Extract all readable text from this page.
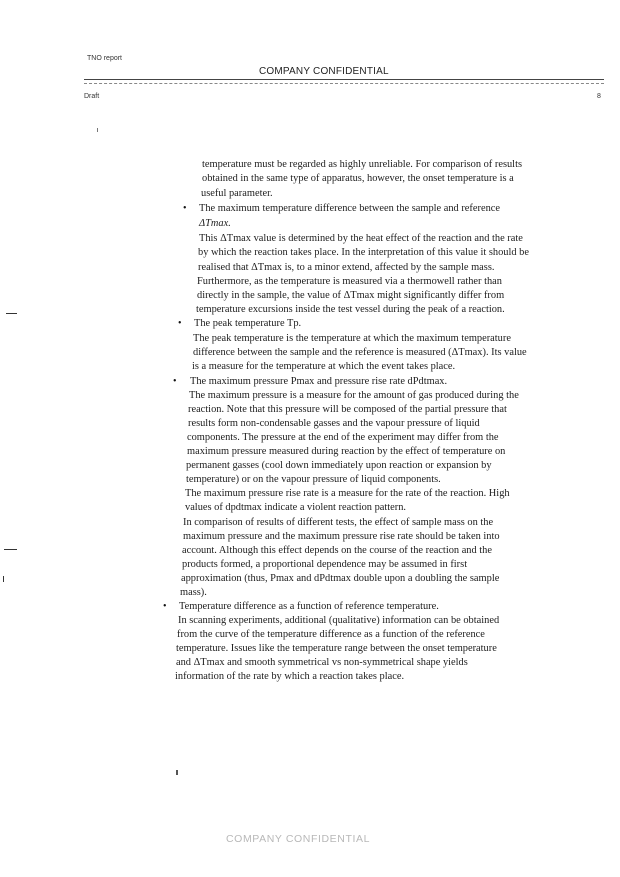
TNO report
COMPANY CONFIDENTIAL
Draft	8
temperature must be regarded as highly unreliable. For comparison of results
obtained in the same type of apparatus, however, the onset temperature is a
useful parameter.
• The maximum temperature difference between the sample and reference
ΔTmax.
This ΔTmax value is determined by the heat effect of the reaction and the rate
by which the reaction takes place. In the interpretation of this value it should be
realised that ΔTmax is, to a minor extend, affected by the sample mass.
Furthermore, as the temperature is measured via a thermowell rather than
directly in the sample, the value of ΔTmax might significantly differ from
temperature excursions inside the test vessel during the peak of a reaction.
• The peak temperature Tp.
The peak temperature is the temperature at which the maximum temperature
difference between the sample and the reference is measured (ΔTmax). Its value
is a measure for the temperature at which the event takes place.
• The maximum pressure Pmax and pressure rise rate dPdtmax.
The maximum pressure is a measure for the amount of gas produced during the
reaction. Note that this pressure will be composed of the partial pressure that
results form non-condensable gasses and the vapour pressure of liquid
components. The pressure at the end of the experiment may differ from the
maximum pressure measured during reaction by the effect of temperature on
permanent gasses (cool down immediately upon reaction or expansion by
temperature) or on the vapour pressure of liquid components.
The maximum pressure rise rate is a measure for the rate of the reaction. High
values of dpdtmax indicate a violent reaction pattern.
In comparison of results of different tests, the effect of sample mass on the
maximum pressure and the maximum pressure rise rate should be taken into
account. Although this effect depends on the course of the reaction and the
products formed, a proportional dependence may be assumed in first
approximation (thus, Pmax and dPdtmax double upon a doubling the sample
mass).
• Temperature difference as a function of reference temperature.
In scanning experiments, additional (qualitative) information can be obtained
from the curve of the temperature difference as a function of the reference
temperature. Issues like the temperature range between the onset temperature
and ΔTmax and smooth symmetrical vs non-symmetrical shape yields
information of the rate by which a reaction takes place.
COMPANY CONFIDENTIAL
